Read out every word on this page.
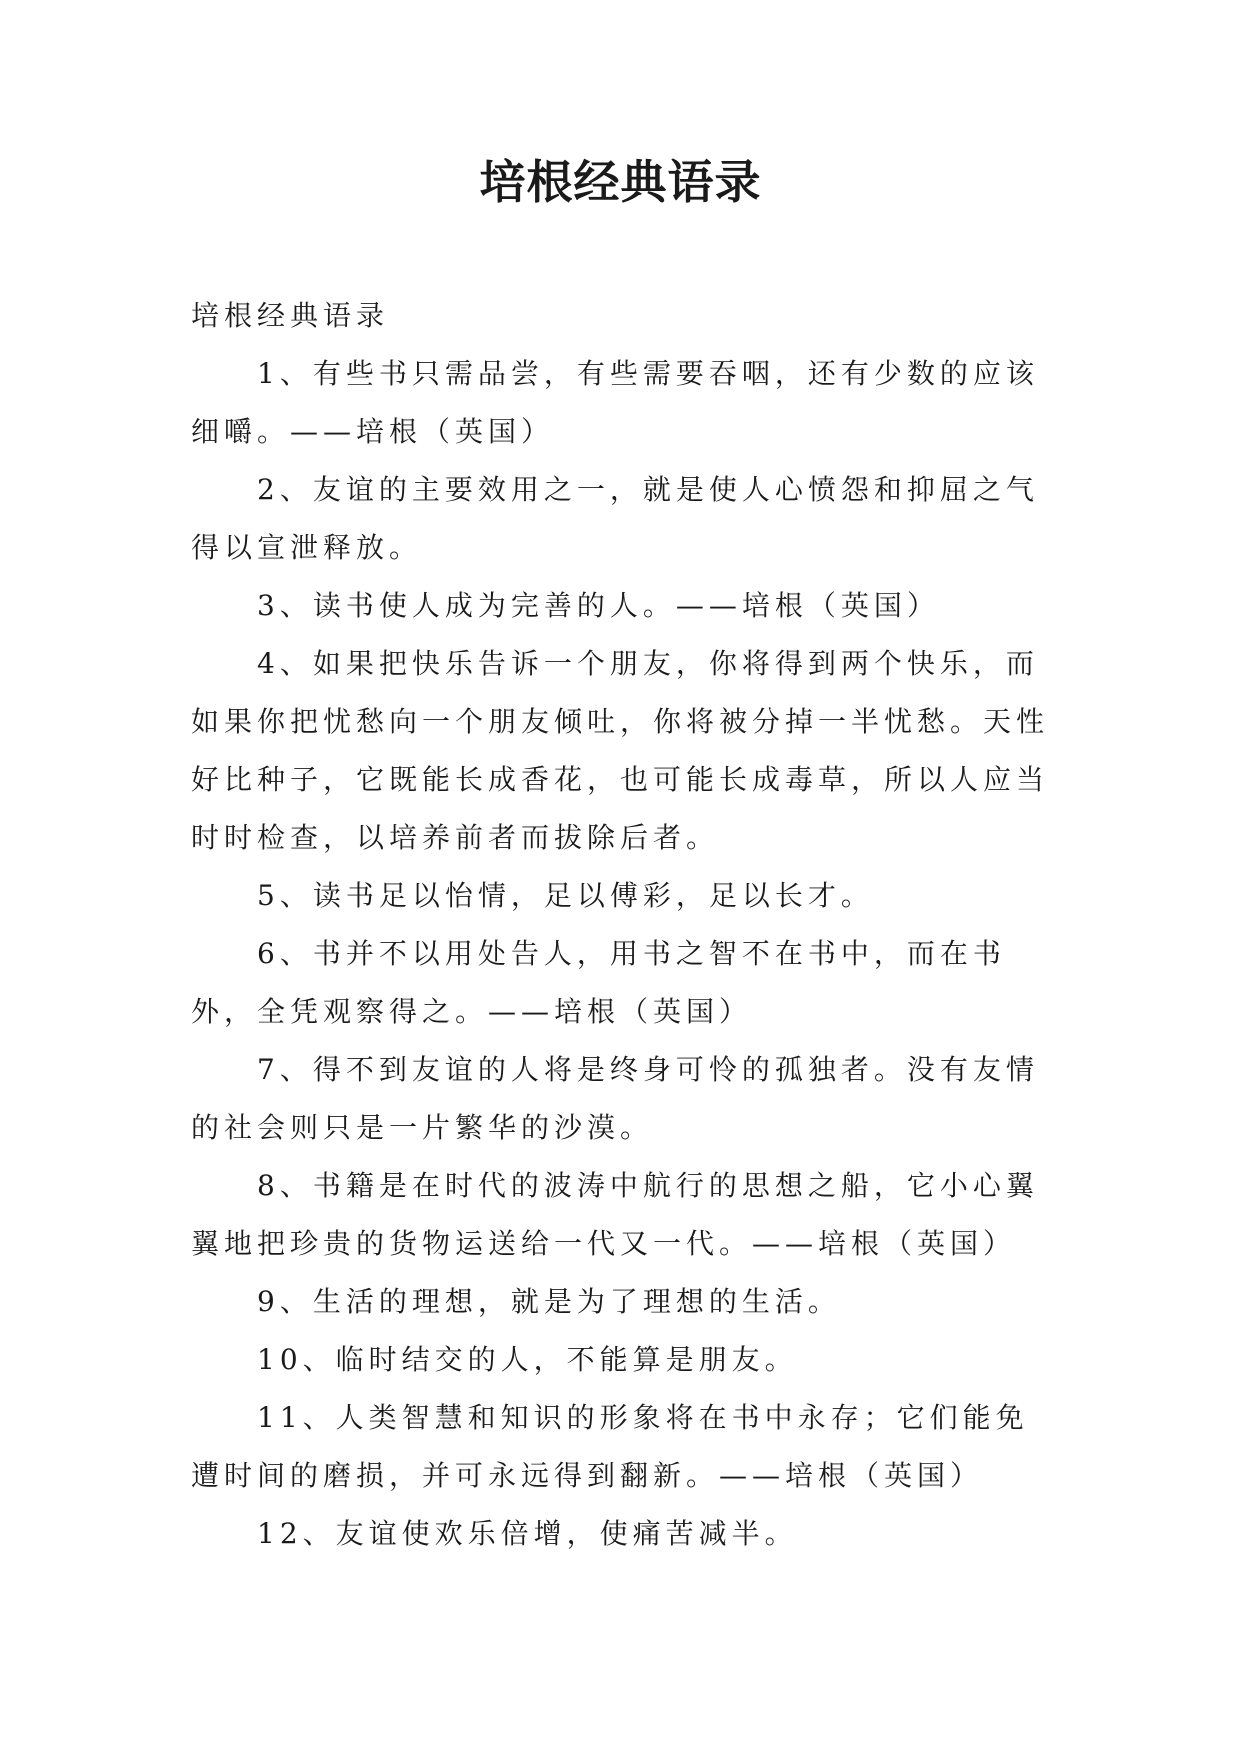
培根经典语录

培根经典语录

1、有些书只需品尝，有些需要吞咽，还有少数的应该细嚼。——培根（英国）

2、友谊的主要效用之一，就是使人心愤怨和抑屈之气得以宣泄释放。

3、读书使人成为完善的人。——培根（英国）

4、如果把快乐告诉一个朋友，你将得到两个快乐，而如果你把忧愁向一个朋友倾吐，你将被分掉一半忧愁。天性好比种子，它既能长成香花，也可能长成毒草，所以人应当时时检查，以培养前者而拔除后者。

5、读书足以怡情，足以傅彩，足以长才。

6、书并不以用处告人，用书之智不在书中，而在书外，全凭观察得之。——培根（英国）

7、得不到友谊的人将是终身可怜的孤独者。没有友情的社会则只是一片繁华的沙漠。

8、书籍是在时代的波涛中航行的思想之船，它小心翼翼地把珍贵的货物运送给一代又一代。——培根（英国）

9、生活的理想，就是为了理想的生活。

10、临时结交的人，不能算是朋友。

11、人类智慧和知识的形象将在书中永存；它们能免遭时间的磨损，并可永远得到翻新。——培根（英国）

12、友谊使欢乐倍增，使痛苦减半。
